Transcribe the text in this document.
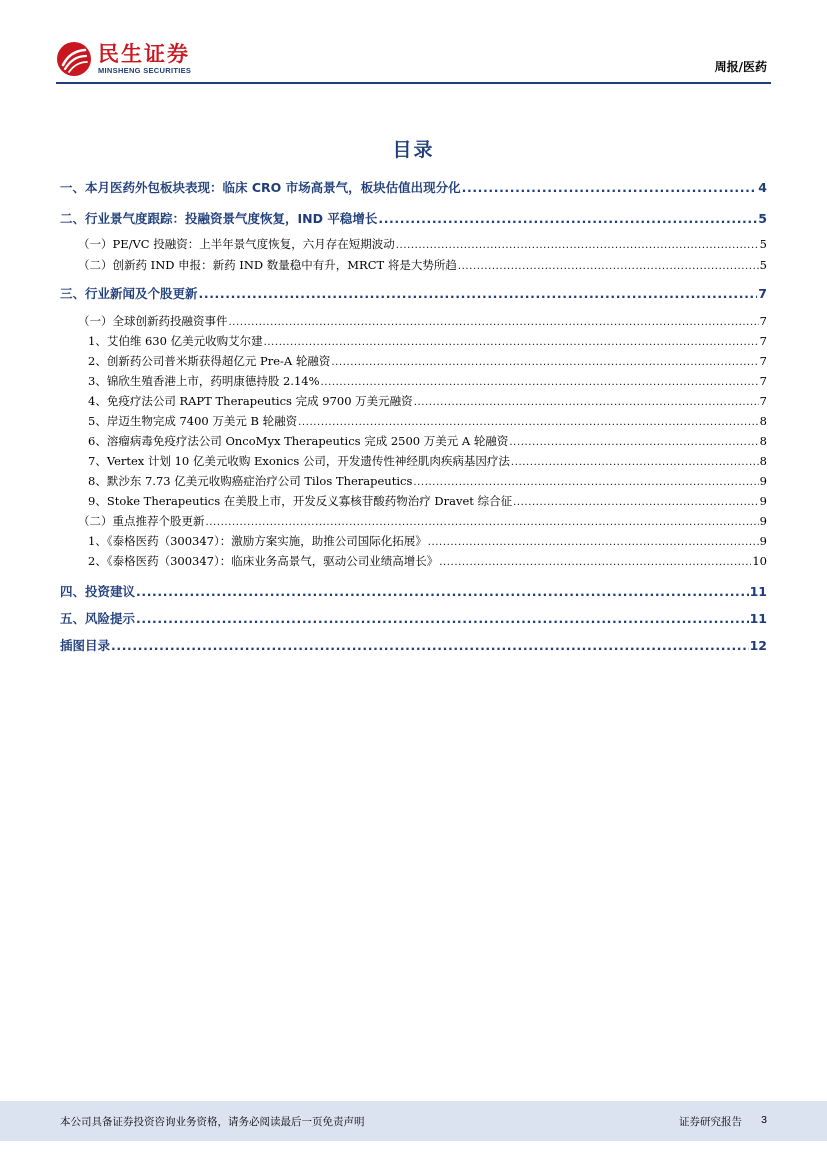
民生证券
MINSHENG SECURITIES	周报/医药
目录
一、本月医药外包板块表现：临床 CRO 市场高景气，板块估值出现分化 .....	4
二、行业景气度跟踪：投融资景气度恢复，IND 平稳增长 .....	5
（一）PE/VC 投融资：上半年景气度恢复，六月存在短期波动 .....	5
（二）创新药 IND 申报：新药 IND 数量稳中有升，MRCT 将是大势所趋 .....	5
三、行业新闻及个股更新 .....	7
（一）全球创新药投融资事件 .....	7
1、艾伯维 630 亿美元收购艾尔建 .....	7
2、创新药公司普米斯获得超亿元 Pre-A 轮融资 .....	7
3、锦欣生殖香港上市，药明康德持股 2.14% .....	7
4、免疫疗法公司 RAPT Therapeutics 完成 9700 万美元融资 .....	7
5、岸迈生物完成 7400 万美元 B 轮融资 .....	8
6、溶瘤病毒免疫疗法公司 OncoMyx Therapeutics 完成 2500 万美元 A 轮融资 .....	8
7、Vertex 计划 10 亿美元收购 Exonics 公司，开发遗传性神经肌肉疾病基因疗法 .....	8
8、默沙东 7.73 亿美元收购癌症治疗公司 Tilos Therapeutics .....	9
9、Stoke Therapeutics 在美股上市，开发反义寡核苷酸药物治疗 Dravet 综合征 .....	9
（二）重点推荐个股更新 .....	9
1、《泰格医药（300347）：激励方案实施，助推公司国际化拓展》 .....	9
2、《泰格医药（300347）：临床业务高景气，驱动公司业绩高增长》 .....	10
四、投资建议 .....	11
五、风险提示 .....	11
插图目录 .....	12
本公司具备证券投资咨询业务资格，请务必阅读最后一页免责声明	证券研究报告 3
